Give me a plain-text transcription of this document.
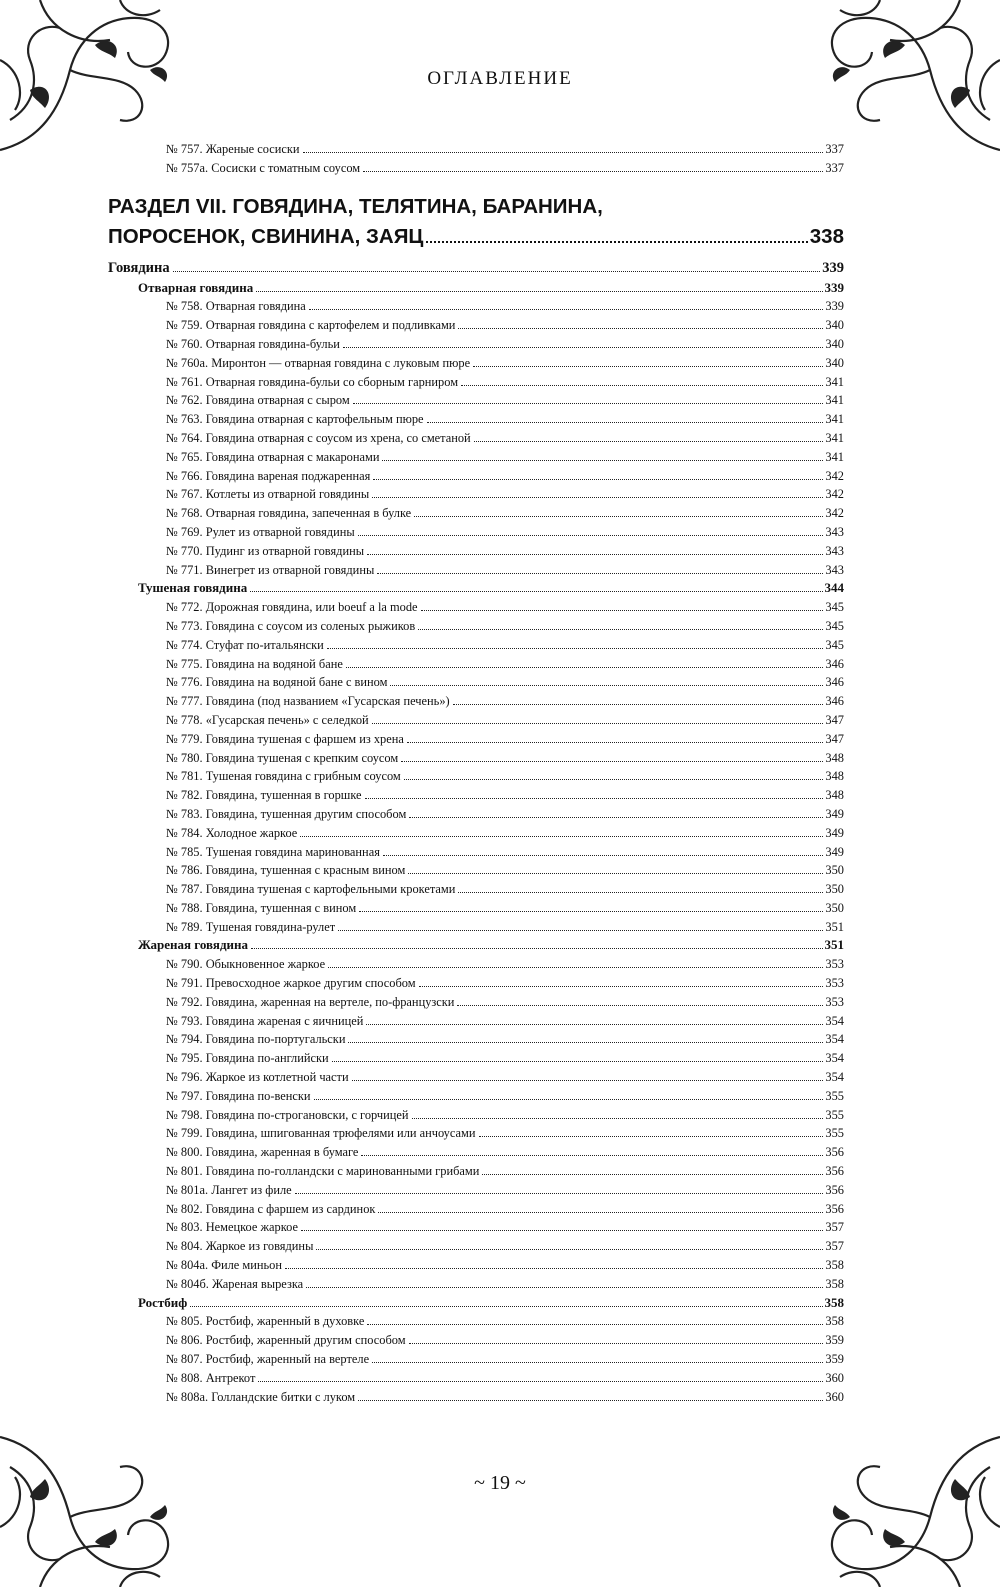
ОГЛАВЛЕНИЕ
№ 757. Жареные сосиски	337
№ 757а. Сосиски с томатным соусом	337
РАЗДЕЛ VII. ГОВЯДИНА, ТЕЛЯТИНА, БАРАНИНА,
ПОРОСЕНОК, СВИНИНА, ЗАЯЦ	338
Говядина	339
Отварная говядина	339
№ 758. Отварная говядина	339
№ 759. Отварная говядина с картофелем и подливками	340
№ 760. Отварная говядина-бульи	340
№ 760а. Миронтон — отварная говядина с луковым пюре	340
№ 761. Отварная говядина-бульи со сборным гарниром	341
№ 762. Говядина отварная с сыром	341
№ 763. Говядина отварная с картофельным пюре	341
№ 764. Говядина отварная с соусом из хрена, со сметаной	341
№ 765. Говядина отварная с макаронами	341
№ 766. Говядина вареная поджаренная	342
№ 767. Котлеты из отварной говядины	342
№ 768. Отварная говядина, запеченная в булке	342
№ 769. Рулет из отварной говядины	343
№ 770. Пудинг из отварной говядины	343
№ 771. Винегрет из отварной говядины	343
Тушеная говядина	344
№ 772. Дорожная говядина, или boeuf a la mode	345
№ 773. Говядина с соусом из соленых рыжиков	345
№ 774. Стуфат по-итальянски	345
№ 775. Говядина на водяной бане	346
№ 776. Говядина на водяной бане с вином	346
№ 777. Говядина (под названием «Гусарская печень»)	346
№ 778. «Гусарская печень» с селедкой	347
№ 779. Говядина тушеная с фаршем из хрена	347
№ 780. Говядина тушеная с крепким соусом	348
№ 781. Тушеная говядина с грибным соусом	348
№ 782. Говядина, тушенная в горшке	348
№ 783. Говядина, тушенная другим способом	349
№ 784. Холодное жаркое	349
№ 785. Тушеная говядина маринованная	349
№ 786. Говядина, тушенная с красным вином	350
№ 787. Говядина тушеная с картофельными крокетами	350
№ 788. Говядина, тушенная с вином	350
№ 789. Тушеная говядина-рулет	351
Жареная говядина	351
№ 790. Обыкновенное жаркое	353
№ 791. Превосходное жаркое другим способом	353
№ 792. Говядина, жаренная на вертеле, по-французски	353
№ 793. Говядина жареная с яичницей	354
№ 794. Говядина по-португальски	354
№ 795. Говядина по-английски	354
№ 796. Жаркое из котлетной части	354
№ 797. Говядина по-венски	355
№ 798. Говядина по-строгановски, с горчицей	355
№ 799. Говядина, шпигованная трюфелями или анчоусами	355
№ 800. Говядина, жаренная в бумаге	356
№ 801. Говядина по-голландски с маринованными грибами	356
№ 801а. Лангет из филе	356
№ 802. Говядина с фаршем из сардинок	356
№ 803. Немецкое жаркое	357
№ 804. Жаркое из говядины	357
№ 804а. Филе миньон	358
№ 804б. Жареная вырезка	358
Ростбиф	358
№ 805. Ростбиф, жаренный в духовке	358
№ 806. Ростбиф, жаренный другим способом	359
№ 807. Ростбиф, жаренный на вертеле	359
№ 808. Антрекот	360
№ 808а. Голландские битки с луком	360
~ 19 ~
